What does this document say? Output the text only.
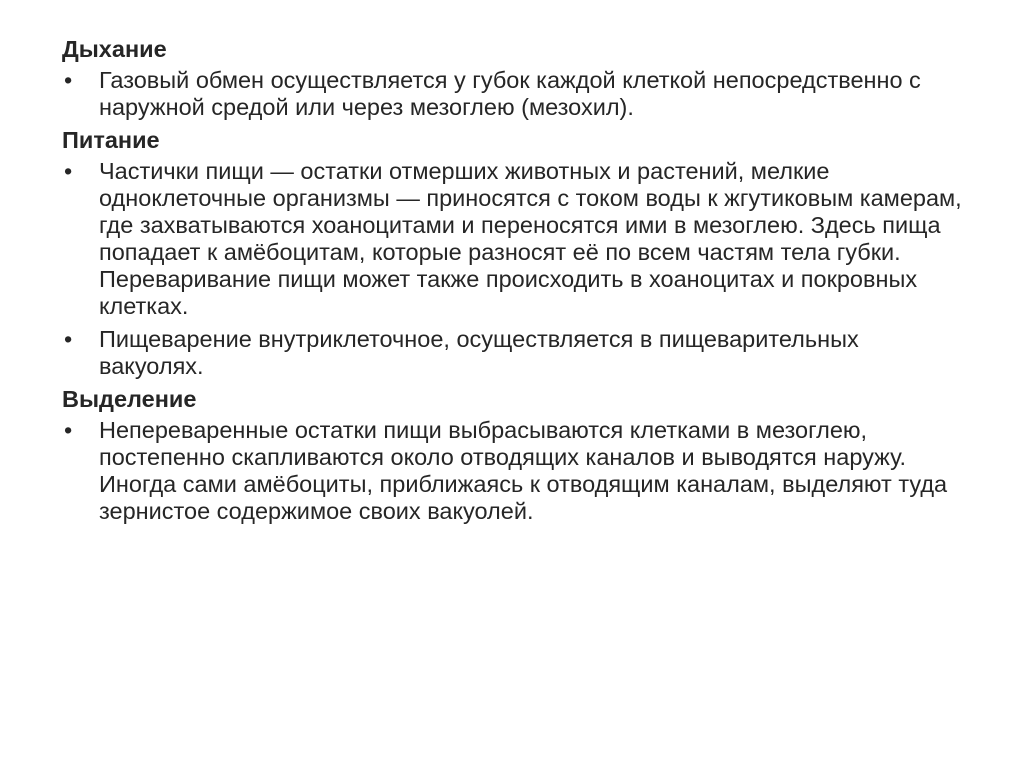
Дыхание
• Газовый обмен осуществляется у губок каждой клеткой непосредственно с наружной средой или через мезоглею (мезохил).
Питание
• Частички пищи — остатки отмерших животных и растений, мелкие одноклеточные организмы — приносятся с током воды к жгутиковым камерам, где захватываются хоаноцитами и переносятся ими в мезоглею. Здесь пища попадает к амёбоцитам, которые разносят её по всем частям тела губки. Переваривание пищи может также происходить в хоаноцитах и покровных клетках.
• Пищеварение внутриклеточное, осуществляется в пищеварительных вакуолях.
Выделение
• Непереваренные остатки пищи выбрасываются клетками в мезоглею, постепенно скапливаются около отводящих каналов и выводятся наружу. Иногда сами амёбоциты, приближаясь к отводящим каналам, выделяют туда зернистое содержимое своих вакуолей.
